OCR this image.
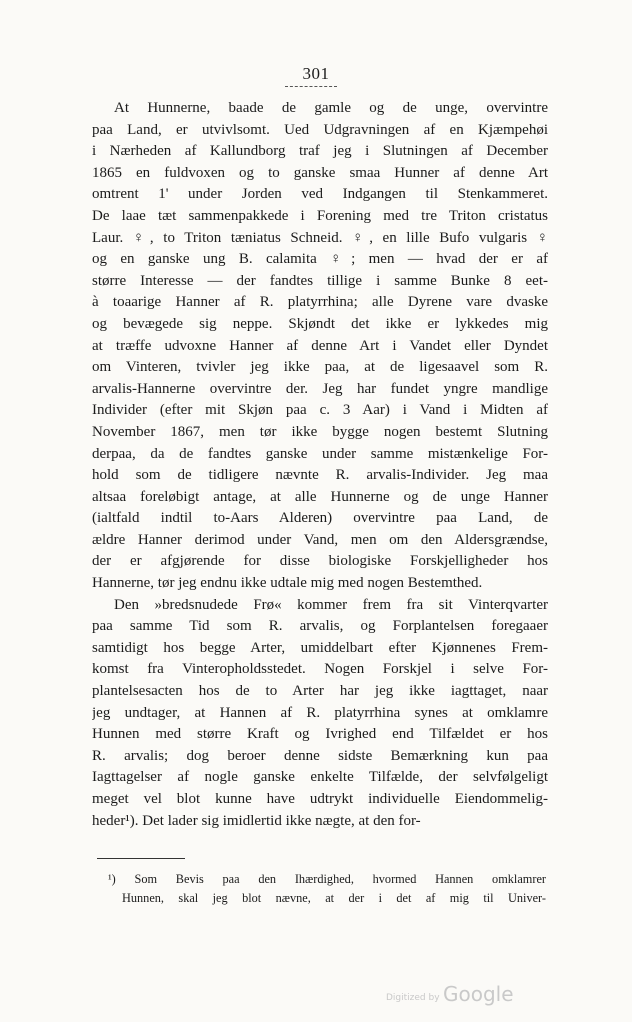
301
At Hunnerne, baade de gamle og de unge, overvintre
paa Land, er utvivlsomt. Ued Udgravningen af en Kjæmpehøi
i Nærheden af Kallundborg traf jeg i Slutningen af December
1865 en fuldvoxen og to ganske smaa Hunner af denne Art
omtrent 1' under Jorden ved Indgangen til Stenkammeret.
De laae tæt sammenpakkede i Forening med tre Triton cristatus
Laur. ♀, to Triton tæniatus Schneid. ♀, en lille Bufo vulgaris ♀
og en ganske ung B. calamita ♀; men — hvad der er af
større Interesse — der fandtes tillige i samme Bunke 8 eet-
à toaarige Hanner af R. platyrrhina; alle Dyrene vare dvaske
og bevægede sig neppe. Skjøndt det ikke er lykkedes mig
at træffe udvoxne Hanner af denne Art i Vandet eller Dyndet
om Vinteren, tvivler jeg ikke paa, at de ligesaavel som R.
arvalis-Hannerne overvintre der. Jeg har fundet yngre mandlige
Individer (efter mit Skjøn paa c. 3 Aar) i Vand i Midten af
November 1867, men tør ikke bygge nogen bestemt Slutning
derpaa, da de fandtes ganske under samme mistænkelige For-
hold som de tidligere nævnte R. arvalis-Individer. Jeg maa
altsaa foreløbigt antage, at alle Hunnerne og de unge Hanner
(ialtfald indtil to-Aars Alderen) overvintre paa Land, de
ældre Hanner derimod under Vand, men om den Aldersgrændse,
der er afgjørende for disse biologiske Forskjelligheder hos
Hannerne, tør jeg endnu ikke udtale mig med nogen Bestemthed.
Den »bredsnudede Frø« kommer frem fra sit Vinterqvarter
paa samme Tid som R. arvalis, og Forplantelsen foregaaer
samtidigt hos begge Arter, umiddelbart efter Kjønnenes Frem-
komst fra Vinteropholdsstedet. Nogen Forskjel i selve For-
plantelsesacten hos de to Arter har jeg ikke iagttaget, naar
jeg undtager, at Hannen af R. platyrrhina synes at omklamre
Hunnen med større Kraft og Ivrighed end Tilfældet er hos
R. arvalis; dog beroer denne sidste Bemærkning kun paa
Iagttagelser af nogle ganske enkelte Tilfælde, der selvfølgeligt
meget vel blot kunne have udtrykt individuelle Eiendommelig-
heder¹). Det lader sig imidlertid ikke nægte, at den for-
¹) Som Bevis paa den Ihærdighed, hvormed Hannen omklamrer
Hunnen, skal jeg blot nævne, at der i det af mig til Univer-
Digitized by Google
